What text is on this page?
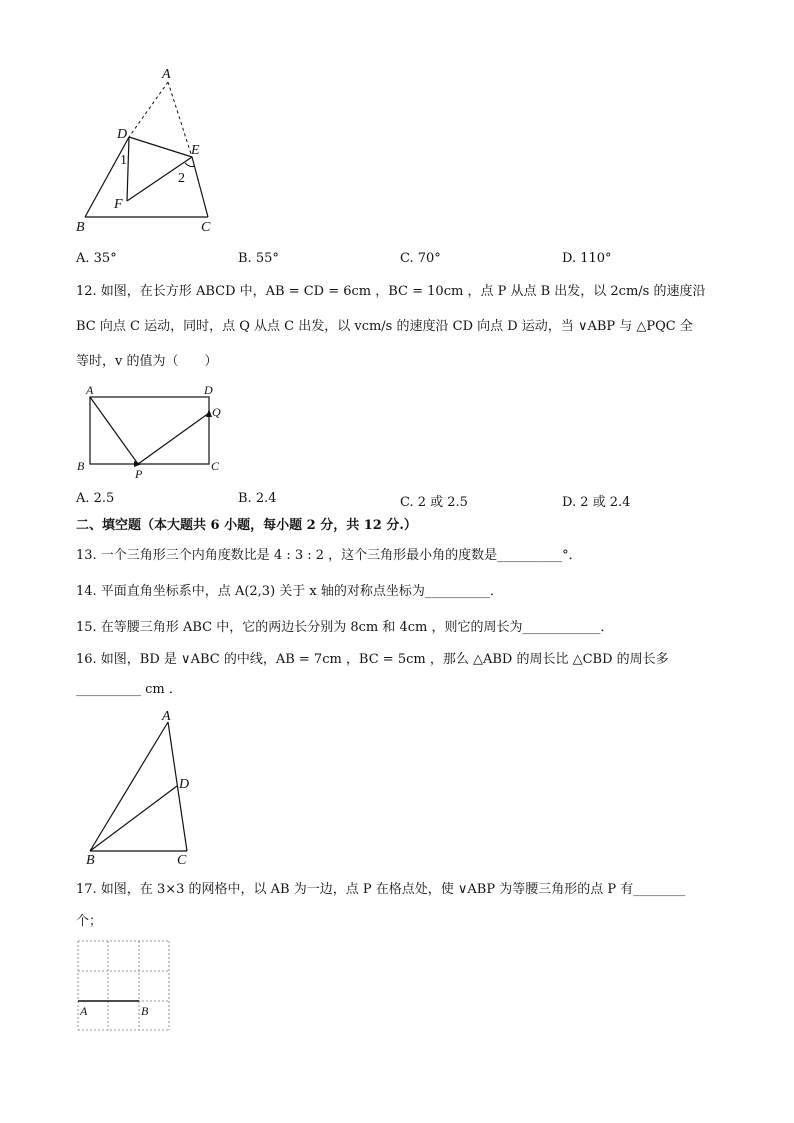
A
D
E
B	C
F
1
2
A. 35°	B. 55°	C. 70°	D. 110°
12. 如图，在长方形 ABCD 中，AB = CD = 6cm ，BC = 10cm ，点 P 从点 B 出发，以 2cm/s 的速度沿
BC 向点 C 运动，同时，点 Q 从点 C 出发，以 vcm/s 的速度沿 CD 向点 D 运动，当 ∨ABP 与 △PQC 全
等时，v 的值为（　　）
A	D
Q
B
P
C
A. 2.5	B. 2.4	C. 2 或 2.5	D. 2 或 2.4
二、填空题（本大题共 6 小题，每小题 2 分，共 12 分.）
13. 一个三角形三个内角度数比是 4 : 3 : 2 ，这个三角形最小角的度数是__________°．
14. 平面直角坐标系中，点 A(2,3) 关于 x 轴的对称点坐标为__________．
15. 在等腰三角形 ABC 中，它的两边长分别为 8cm 和 4cm ，则它的周长为____________．
16. 如图，BD 是 ∨ABC 的中线，AB = 7cm ，BC = 5cm ，那么 △ABD 的周长比 △CBD 的周长多
__________ cm ．
A
D
B	C
17. 如图，在 3×3 的网格中，以 AB 为一边，点 P 在格点处，使 ∨ABP 为等腰三角形的点 P 有________
个；
A	B
